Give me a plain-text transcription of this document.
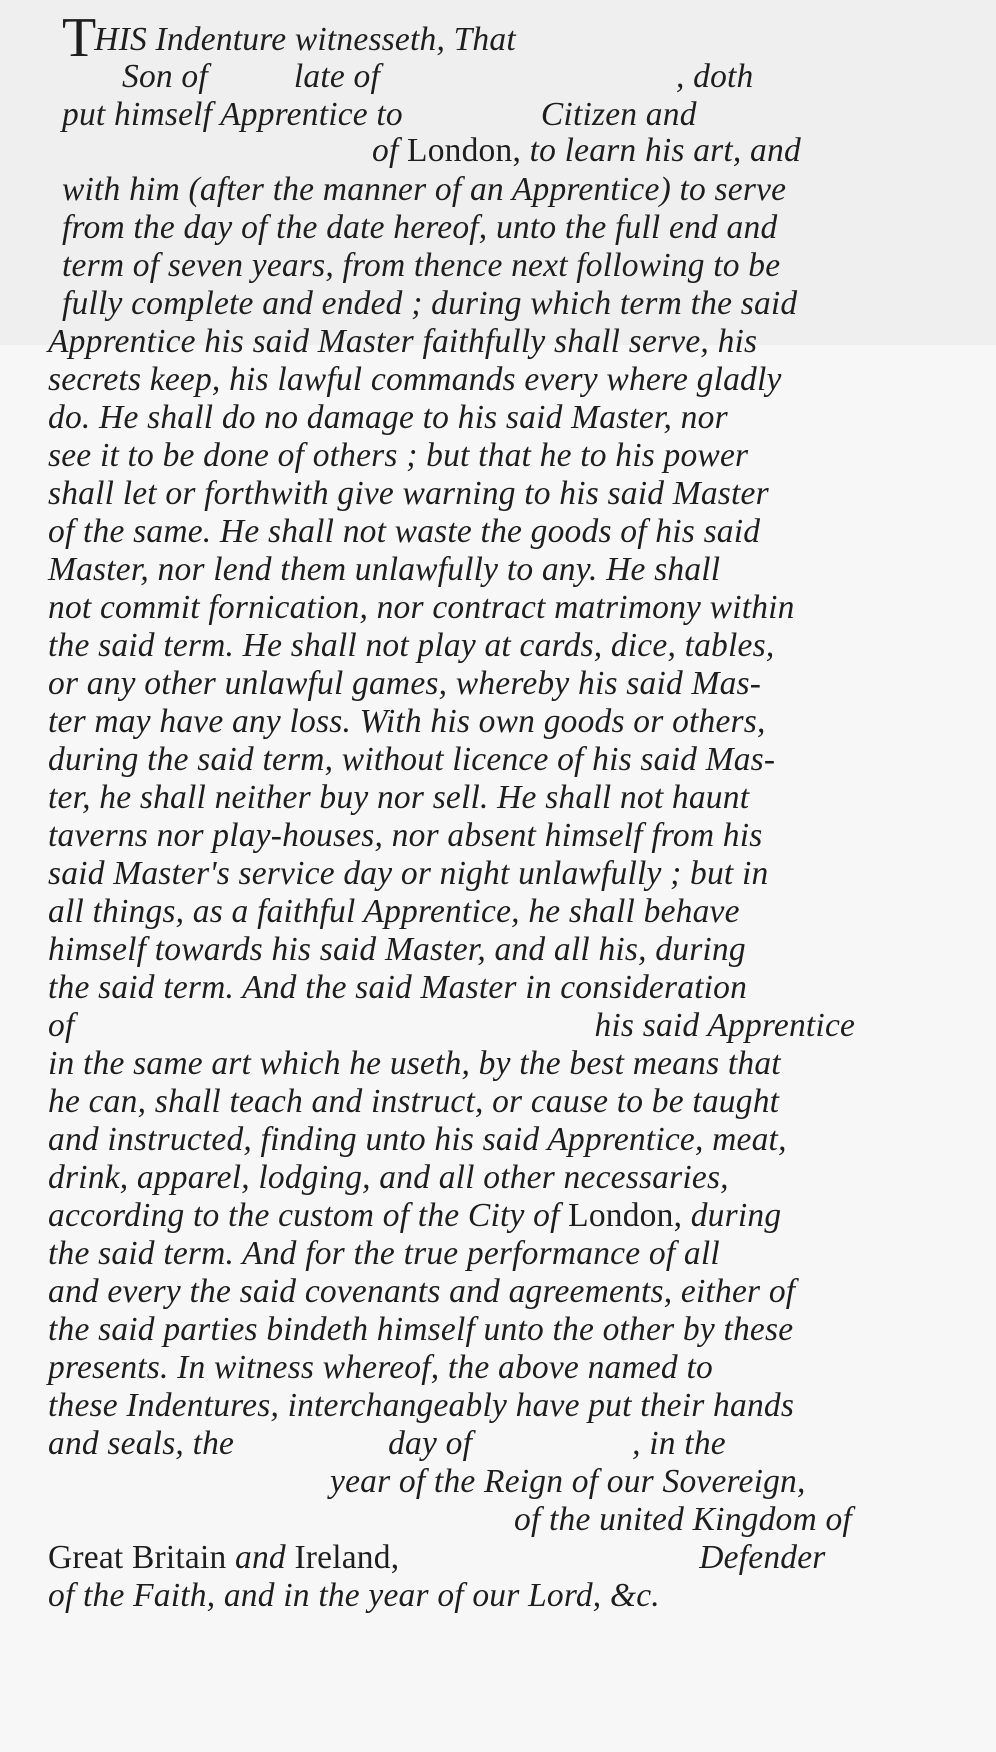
THIS Indenture witnesseth, That
Son of	late of	, doth
put himself Apprentice to	Citizen and
of London, to learn his art, and
with him (after the manner of an Apprentice) to serve
from the day of the date hereof, unto the full end and
term of seven years, from thence next following to be
fully complete and ended ; during which term the said
Apprentice his said Master faithfully shall serve, his
secrets keep, his lawful commands every where gladly
do. He shall do no damage to his said Master, nor
see it to be done of others ; but that he to his power
shall let or forthwith give warning to his said Master
of the same. He shall not waste the goods of his said
Master, nor lend them unlawfully to any. He shall
not commit fornication, nor contract matrimony within
the said term. He shall not play at cards, dice, tables,
or any other unlawful games, whereby his said Mas-
ter may have any loss. With his own goods or others,
during the said term, without licence of his said Mas-
ter, he shall neither buy nor sell. He shall not haunt
taverns nor play-houses, nor absent himself from his
said Master's service day or night unlawfully ; but in
all things, as a faithful Apprentice, he shall behave
himself towards his said Master, and all his, during
the said term. And the said Master in consideration
of	his said Apprentice
in the same art which he useth, by the best means that
he can, shall teach and instruct, or cause to be taught
and instructed, finding unto his said Apprentice, meat,
drink, apparel, lodging, and all other necessaries,
according to the custom of the City of London, during
the said term. And for the true performance of all
and every the said covenants and agreements, either of
the said parties bindeth himself unto the other by these
presents. In witness whereof, the above named to
these Indentures, interchangeably have put their hands
and seals, the	day of	, in the
year of the Reign of our Sovereign,
of the united Kingdom of
Great Britain and Ireland,	Defender
of the Faith, and in the year of our Lord, &c.
